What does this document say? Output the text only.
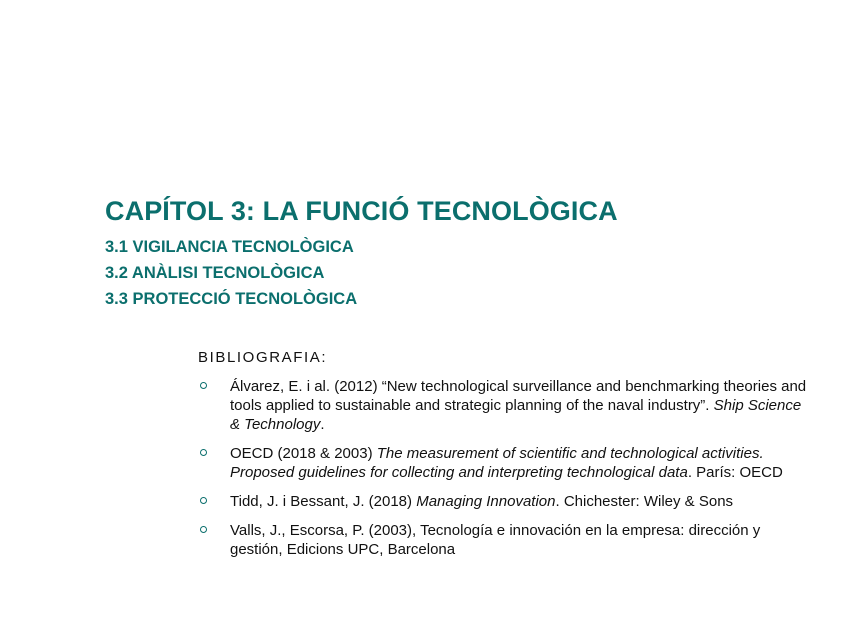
CAPÍTOL 3: LA FUNCIÓ TECNOLÒGICA
3.1 VIGILANCIA TECNOLÒGICA
3.2 ANÀLISI TECNOLÒGICA
3.3 PROTECCIÓ TECNOLÒGICA
BIBLIOGRAFIA:
Álvarez, E. i al. (2012) “New technological surveillance and benchmarking theories and tools applied to sustainable and strategic planning of the naval industry”. Ship Science & Technology.
OECD (2018 & 2003) The measurement of scientific and technological activities. Proposed guidelines for collecting and interpreting technological data. París: OECD
Tidd, J. i Bessant, J. (2018) Managing Innovation. Chichester: Wiley & Sons
Valls, J., Escorsa, P. (2003), Tecnología e innovación en la empresa: dirección y gestión, Edicions UPC, Barcelona
